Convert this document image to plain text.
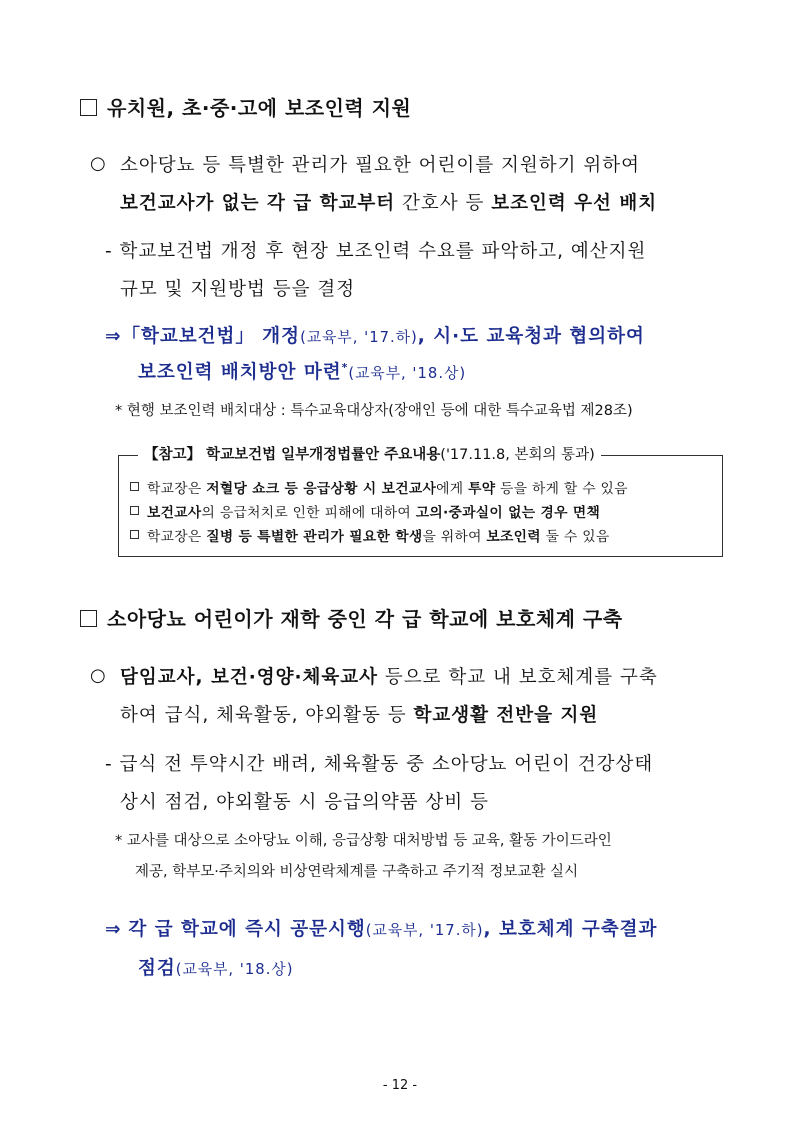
유치원, 초·중·고에 보조인력 지원
○ 소아당뇨 등 특별한 관리가 필요한 어린이를 지원하기 위하여
보건교사가 없는 각 급 학교부터 간호사 등 보조인력 우선 배치
- 학교보건법 개정 후 현장 보조인력 수요를 파악하고, 예산지원
규모 및 지원방법 등을 결정
⇒「학교보건법」 개정(교육부, '17.하), 시·도 교육청과 협의하여
보조인력 배치방안 마련*(교육부, '18.상)
* 현행 보조인력 배치대상 : 특수교육대상자(장애인 등에 대한 특수교육법 제28조)
【참고】 학교보건법 일부개정법률안 주요내용('17.11.8, 본회의 통과)
학교장은 저혈당 쇼크 등 응급상황 시 보건교사에게 투약 등을 하게 할 수 있음
보건교사의 응급처치로 인한 피해에 대하여 고의·중과실이 없는 경우 면책
학교장은 질병 등 특별한 관리가 필요한 학생을 위하여 보조인력 둘 수 있음
소아당뇨 어린이가 재학 중인 각 급 학교에 보호체계 구축
○ 담임교사, 보건·영양·체육교사 등으로 학교 내 보호체계를 구축
하여 급식, 체육활동, 야외활동 등 학교생활 전반을 지원
- 급식 전 투약시간 배려, 체육활동 중 소아당뇨 어린이 건강상태
상시 점검, 야외활동 시 응급의약품 상비 등
* 교사를 대상으로 소아당뇨 이해, 응급상황 대처방법 등 교육, 활동 가이드라인
제공, 학부모·주치의와 비상연락체계를 구축하고 주기적 정보교환 실시
⇒ 각 급 학교에 즉시 공문시행(교육부, '17.하), 보호체계 구축결과
점검(교육부, '18.상)
- 12 -
